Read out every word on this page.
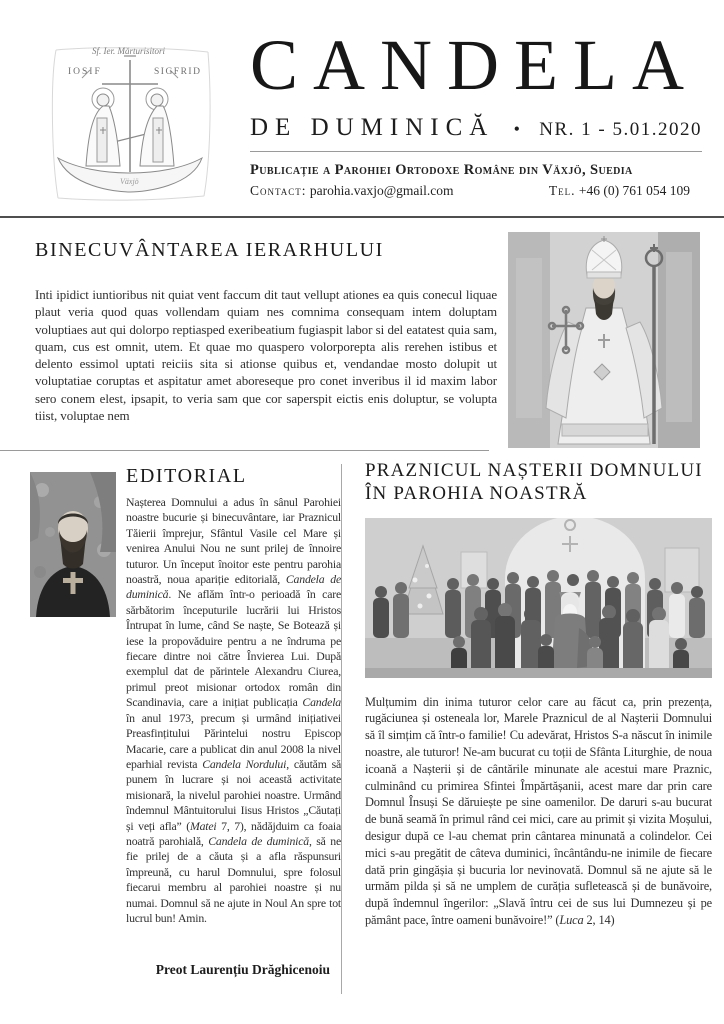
Sf. Ier. Mărturisitori
IOSIF	SIGFRID
Växjö
CANDELA
DE DUMINICĂ • NR. 1 - 5.01.2020
Publicație a Parohiei Ortodoxe Române din Växjö, Suedia
Contact: parohia.vaxjo@gmail.com	Tel. +46 (0) 761 054 109
BINECUVÂNTAREA IERARHULUI

Inti ipidict iuntioribus nit quiat vent faccum dit taut vellupt ationes ea quis conecul liquae plaut veria quod quas vollendam quiam nes comnima consequam intem doluptam voluptiaes aut qui dolorpo reptiasped exeribeatium fugiaspit labor si del eatatest quia sam, quam, cus est omnit, utem. Et quae mo quaspero volorporepta alis rerehen istibus et delento essimol uptati reiciis sita si ationse quibus et, vendandae mosto dolupit ut voluptatiae coruptas et aspitatur amet aboreseque pro conet inveribus il id maxim labor sero conem elest, ipsapit, to veria sam que cor saperspit eictis enis doluptur, se volupta tiist, voluptae nem

EDITORIAL

Nașterea Domnului a adus în sânul Parohiei noastre bucurie și binecuvântare, iar Praznicul Tăierii împrejur, Sfântul Vasile cel Mare și venirea Anului Nou ne sunt prilej de înnoire tuturor. Un început înoitor este pentru parohia noastră, noua apariție editorială, Candela de duminică. Ne aflăm într-o perioadă în care sărbătorim începuturile lucrării lui Hristos Întrupat în lume, când Se naște, Se Botează și iese la propovăduire pentru a ne îndruma pe fiecare dintre noi către Învierea Lui. După exemplul dat de părintele Alexandru Ciurea, primul preot misionar ortodox român din Scandinavia, care a inițiat publicația Candela în anul 1973, precum și urmând inițiativei Preasfințitului Părintelui nostru Episcop Macarie, care a publicat din anul 2008 la nivel eparhial revista Candela Nordului, căutăm să punem în lucrare și noi această activitate misionară, la nivelul parohiei noastre. Urmând îndemnul Mântuitorului Iisus Hristos „Căutați și veți afla” (Matei 7, 7), nădăjduim ca foaia noatră parohială, Candela de duminică, să ne fie prilej de a căuta și a afla răspunsuri împreună, cu harul Domnului, spre folosul fiecarui membru al parohiei noastre și nu numai. Domnul să ne ajute in Noul An spre tot lucrul bun! Amin.

Preot Laurențiu Drăghicenoiu
PRAZNICUL NAȘTERII DOMNULUI ÎN PAROHIA NOASTRĂ

Mulțumim din inima tuturor celor care au făcut ca, prin prezența, rugăciunea și osteneala lor, Marele Praznicul de al Nașterii Domnului să îl simțim că într-o familie! Cu adevărat, Hristos S-a născut în inimile noastre, ale tuturor! Ne-am bucurat cu toții de Sfânta Liturghie, de noua icoană a Nașterii și de cântările minunate ale acestui mare Praznic, culminând cu primirea Sfintei Împărtășanii, acest mare dar prin care Domnul Însuși Se dăruiește pe sine oamenilor. De daruri s-au bucurat de bună seamă în primul rând cei mici, care au primit și vizita Moșului, desigur după ce l-au chemat prin cântarea minunată a colindelor. Cei mici s-au pregătit de câteva duminici, încântându-ne inimile de fiecare dată prin gingășia și bucuria lor nevinovată. Domnul să ne ajute să le urmăm pilda și să ne umplem de curăția sufletească și de bunăvoire, după îndemnul îngerilor: „Slavă întru cei de sus lui Dumnezeu și pe pământ pace, între oameni bunăvoire!” (Luca 2, 14)
